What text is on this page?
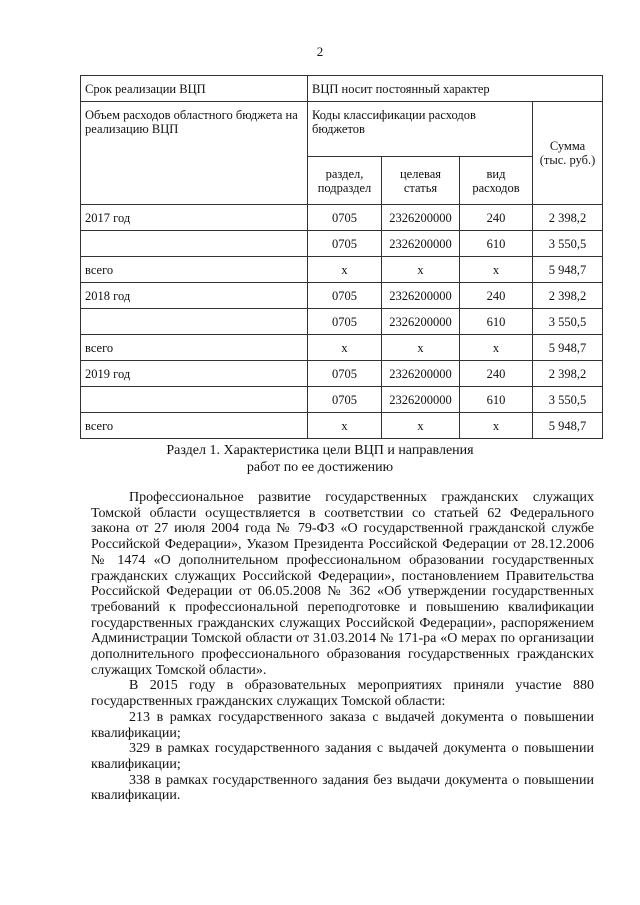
2
Срок реализации ВЦП	ВЦП носит постоянный характер			
Объем расходов областного бюджета на реализацию ВЦП	Коды классификации расходов бюджетов			Сумма (тыс. руб.)
	раздел, подраздел	целевая статья	вид расходов	
2017 год	0705	2326200000	240	2 398,2
	0705	2326200000	610	3 550,5
всего	х	х	х	5 948,7
2018 год	0705	2326200000	240	2 398,2
	0705	2326200000	610	3 550,5
всего	х	х	х	5 948,7
2019 год	0705	2326200000	240	2 398,2
	0705	2326200000	610	3 550,5
всего	х	х	х	5 948,7
Раздел 1. Характеристика цели ВЦП и направления
работ по ее достижению

Профессиональное развитие государственных гражданских служащих Томской области осуществляется в соответствии со статьей 62 Федерального закона от 27 июля 2004 года № 79-ФЗ «О государственной гражданской службе Российской Федерации», Указом Президента Российской Федерации от 28.12.2006 № 1474 «О дополнительном профессиональном образовании государственных гражданских служащих Российской Федерации», постановлением Правительства Российской Федерации от 06.05.2008 № 362 «Об утверждении государственных требований к профессиональной переподготовке и повышению квалификации государственных гражданских служащих Российской Федерации», распоряжением Администрации Томской области от 31.03.2014 № 171-ра «О мерах по организации дополнительного профессионального образования государственных гражданских служащих Томской области».

В 2015 году в образовательных мероприятиях приняли участие 880 государственных гражданских служащих Томской области:

213 в рамках государственного заказа с выдачей документа о повышении квалификации;

329 в рамках государственного задания с выдачей документа о повышении квалификации;

338 в рамках государственного задания без выдачи документа о повышении квалификации.
